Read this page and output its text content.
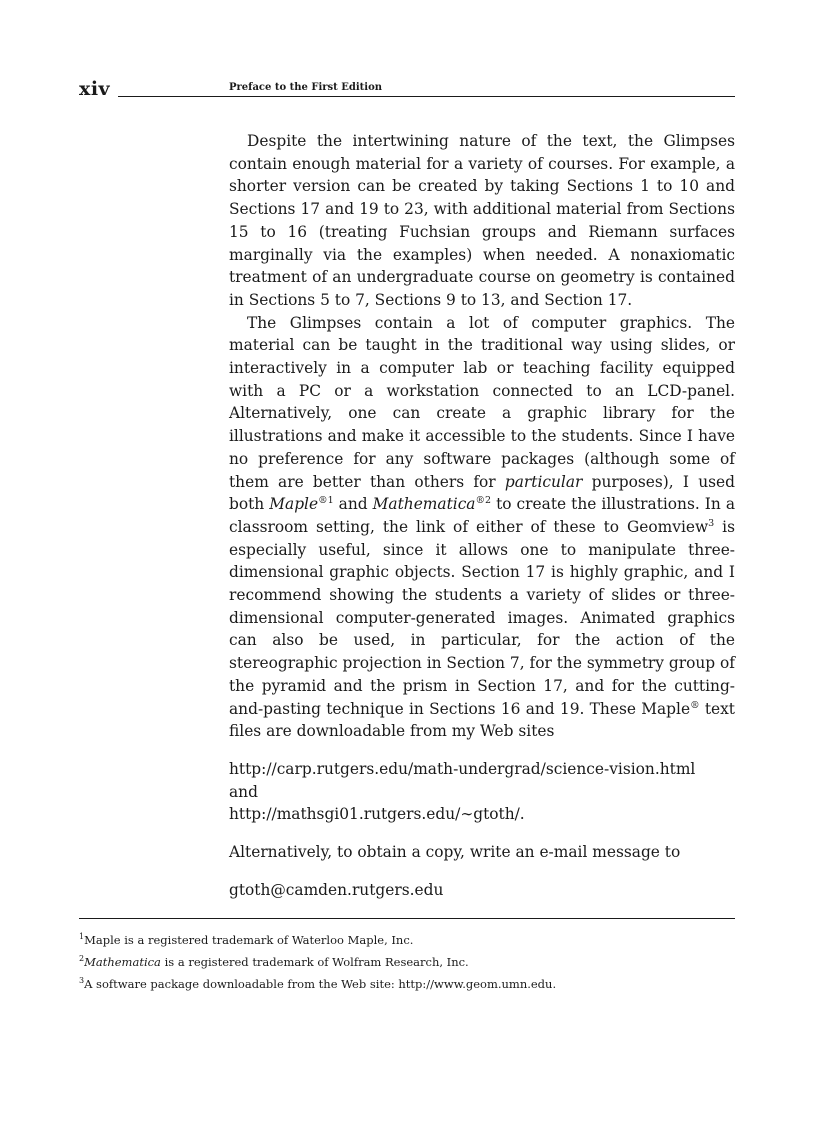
xiv	Preface to the First Edition

Despite the intertwining nature of the text, the Glimpses contain enough material for a variety of courses. For example, a shorter version can be created by taking Sections 1 to 10 and Sections 17 and 19 to 23, with additional material from Sections 15 to 16 (treating Fuchsian groups and Riemann surfaces marginally via the examples) when needed. A nonaxiomatic treatment of an undergraduate course on geometry is contained in Sections 5 to 7, Sections 9 to 13, and Section 17.

The Glimpses contain a lot of computer graphics. The material can be taught in the traditional way using slides, or interactively in a computer lab or teaching facility equipped with a PC or a workstation connected to an LCD-panel. Alternatively, one can create a graphic library for the illustrations and make it accessible to the students. Since I have no preference for any software packages (although some of them are better than others for particular purposes), I used both Maple$^{®1}$ and Mathematica$^{®2}$ to create the illustrations. In a classroom setting, the link of either of these to Geomview$^3$ is especially useful, since it allows one to manipulate three-dimensional graphic objects. Section 17 is highly graphic, and I recommend showing the students a variety of slides or three-dimensional computer-generated images. Animated graphics can also be used, in particular, for the action of the stereographic projection in Section 7, for the symmetry group of the pyramid and the prism in Section 17, and for the cutting-and-pasting technique in Sections 16 and 19. These Maple® text files are downloadable from my Web sites

http://carp.rutgers.edu/math-undergrad/science-vision.html

and

http://mathsgi01.rutgers.edu/∼gtoth/.

Alternatively, to obtain a copy, write an e-mail message to

gtoth@camden.rutgers.edu

$^1$Maple is a registered trademark of Waterloo Maple, Inc.

$^2$Mathematica is a registered trademark of Wolfram Research, Inc.

$^3$A software package downloadable from the Web site: http://www.geom.umn.edu.
